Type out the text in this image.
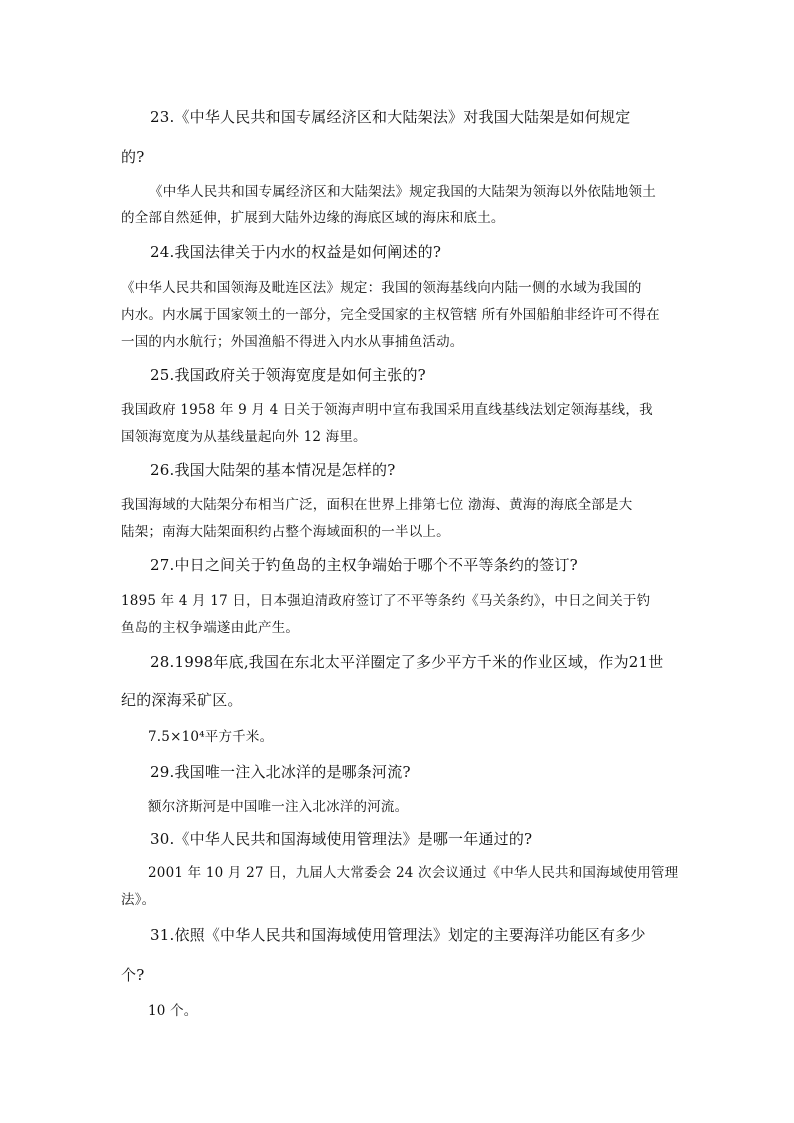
23.《中华人民共和国专属经济区和大陆架法》对我国大陆架是如何规定
的?
《中华人民共和国专属经济区和大陆架法》规定我国的大陆架为领海以外依陆地领土
的全部自然延伸，扩展到大陆外边缘的海底区域的海床和底土。
24.我国法律关于内水的权益是如何阐述的?
《中华人民共和国领海及毗连区法》规定：我国的领海基线向内陆一侧的水域为我国的
内水。内水属于国家领土的一部分，完全受国家的主权管辖 所有外国船舶非经许可不得在
一国的内水航行；外国渔船不得进入内水从事捕鱼活动。
25.我国政府关于领海宽度是如何主张的?
我国政府 1958 年 9 月 4 日关于领海声明中宣布我国采用直线基线法划定领海基线，我
国领海宽度为从基线量起向外 12 海里。
26.我国大陆架的基本情况是怎样的?
我国海域的大陆架分布相当广泛，面积在世界上排第七位 渤海、黄海的海底全部是大
陆架；南海大陆架面积约占整个海域面积的一半以上。
27.中日之间关于钓鱼岛的主权争端始于哪个不平等条约的签订?
1895 年 4 月 17 日，日本强迫清政府签订了不平等条约《马关条约》，中日之间关于钓
鱼岛的主权争端遂由此产生。
28.1998年底,我国在东北太平洋圈定了多少平方千米的作业区域，作为21世
纪的深海采矿区。
7.5×10⁴平方千米。
29.我国唯一注入北冰洋的是哪条河流?
额尔济斯河是中国唯一注入北冰洋的河流。
30.《中华人民共和国海域使用管理法》是哪一年通过的?
2001 年 10 月 27 日，九届人大常委会 24 次会议通过《中华人民共和国海域使用管理
法》。
31.依照《中华人民共和国海域使用管理法》划定的主要海洋功能区有多少
个?
10 个。
